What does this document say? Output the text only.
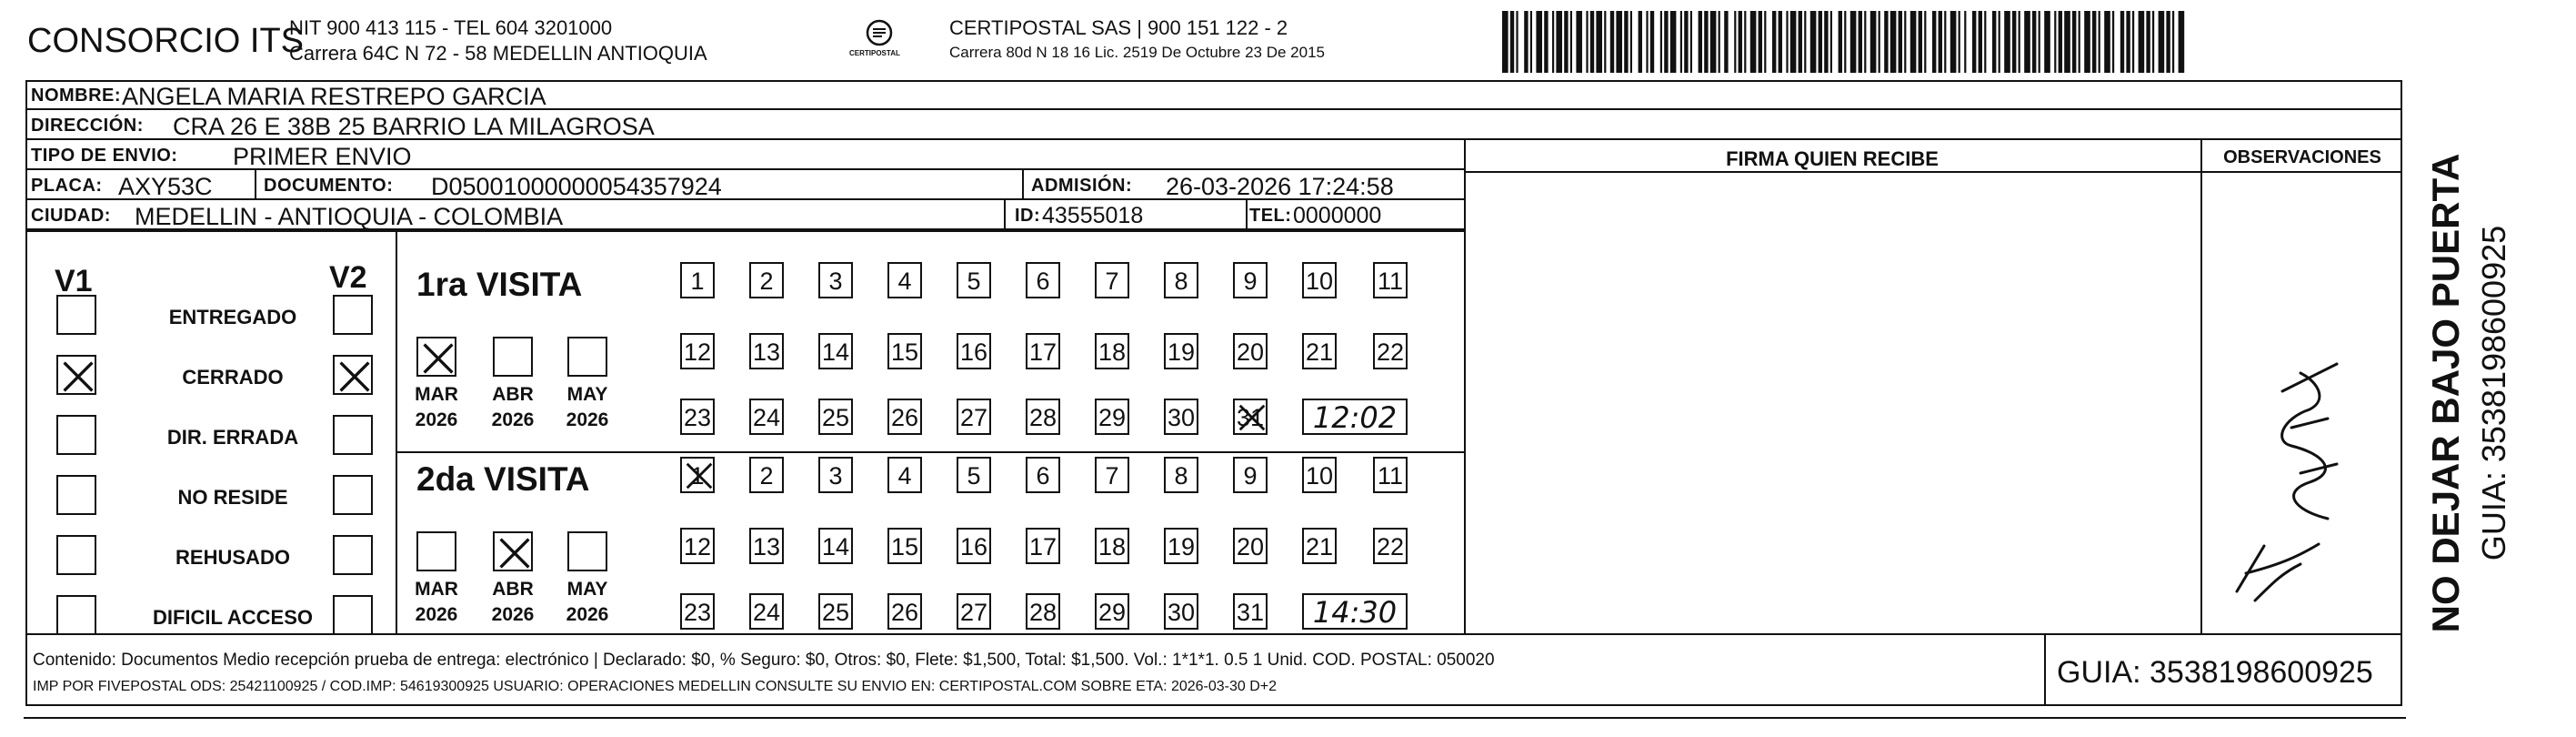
CONSORCIO ITS
NIT 900 413 115 - TEL 604 3201000
Carrera 64C N 72 - 58 MEDELLIN ANTIOQUIA	CERTIPOSTAL
CERTIPOSTAL SAS | 900 151 122 - 2
Carrera 80d N 18 16 Lic. 2519 De Octubre 23 De 2015
NOMBRE: ANGELA MARIA RESTREPO GARCIA
DIRECCIÓN: CRA 26 E 38B 25 BARRIO LA MILAGROSA
TIPO DE ENVIO: PRIMER ENVIO
PLACA: AXY53C	DOCUMENTO: D05001000000054357924	ADMISIÓN: 26-03-2026 17:24:58
CIUDAD: MEDELLIN - ANTIOQUIA - COLOMBIA	ID: 43555018	TEL: 0000000
FIRMA QUIEN RECIBE	OBSERVACIONES
V1	V2
ENTREGADO
CERRADO
DIR. ERRADA
NO RESIDE
REHUSADO
DIFICIL ACCESO
1ra VISITA
2da VISITA
MAR
2026
ABR
2026
MAY
2026
1	2	3	4	5	6	7	8	9	10 11
12 13 14 15 16 17 18 19 20 21 22
23 24 25 26 27 28 29 30 31	12:02
MAR
2026
ABR
2026
MAY
2026
1	2	3	4	5	6	7	8	9	10 11
12 13 14 15 16 17 18 19 20 21 22
23 24 25 26 27 28 29 30 31	14:30	NO DEJAR BAJO PUERTA GUIA: 3538198600925
Contenido: Documentos Medio recepción prueba de entrega: electrónico | Declarado: $0, % Seguro: $0, Otros: $0, Flete: $1,500, Total: $1,500. Vol.: 1*1*1. 0.5 1 Unid. COD. POSTAL: 050020
IMP POR FIVEPOSTAL ODS: 25421100925 / COD.IMP: 54619300925 USUARIO: OPERACIONES MEDELLIN CONSULTE SU ENVIO EN: CERTIPOSTAL.COM SOBRE ETA: 2026-03-30 D+2	GUIA: 3538198600925
